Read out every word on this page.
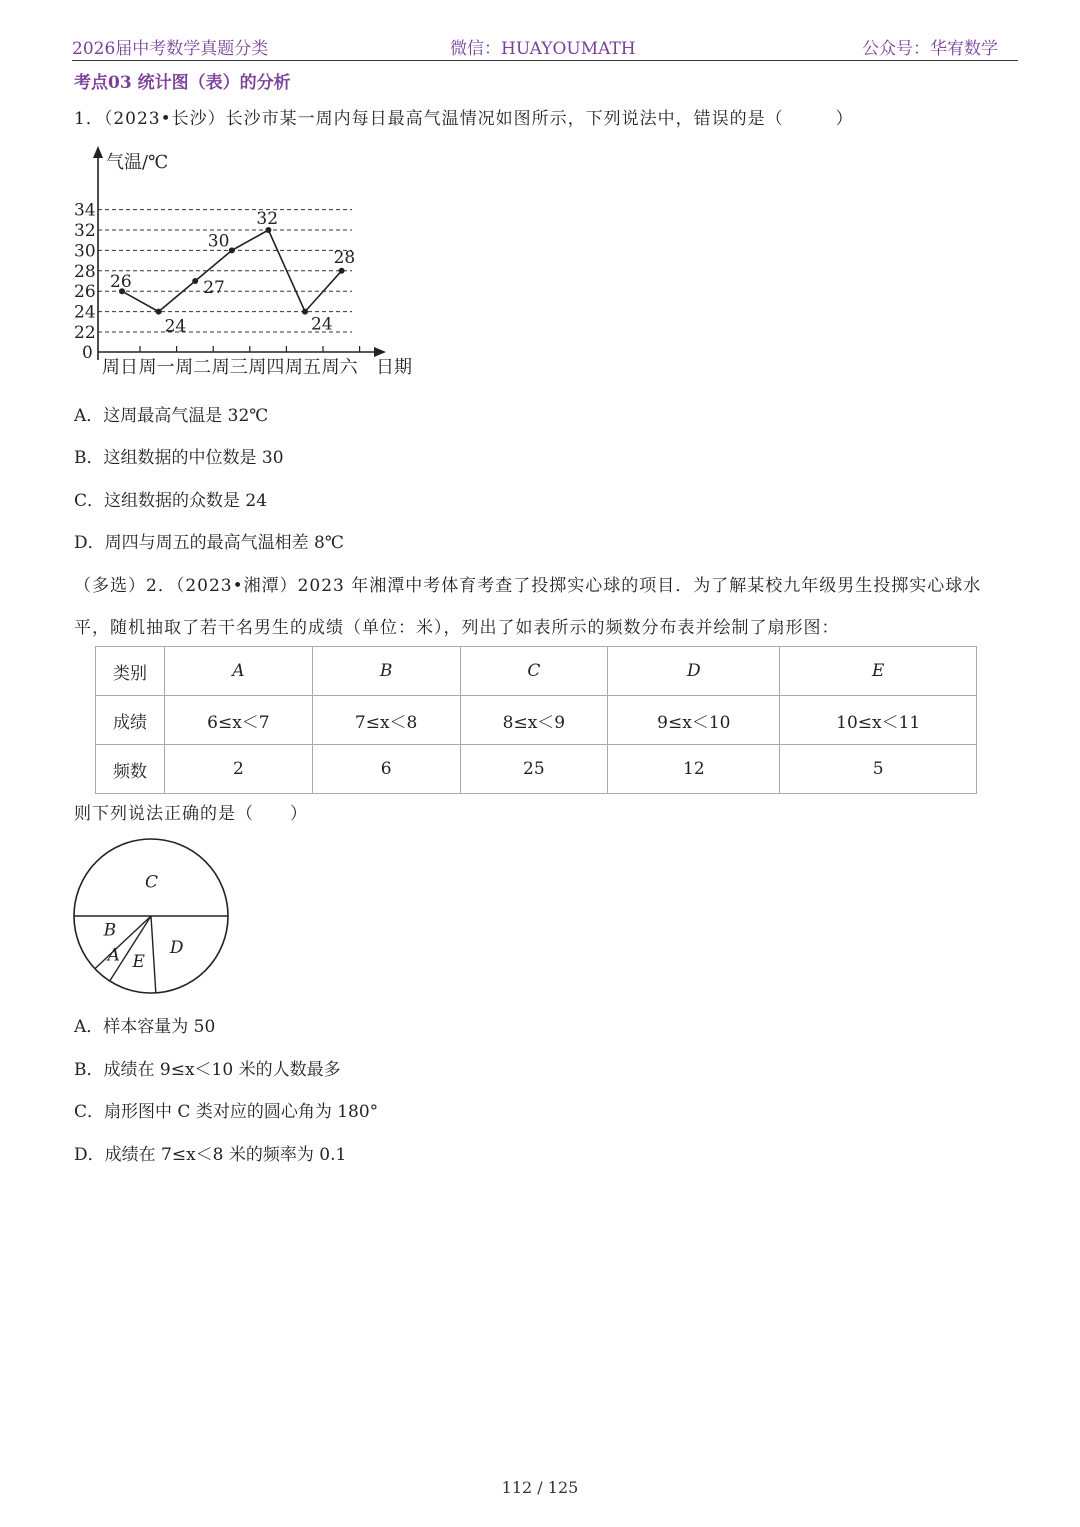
2026届中考数学真题分类	微信：HUAYOUMATH	公众号：华宥数学
考点03 统计图（表）的分析
1．（2023•长沙）长沙市某一周内每日最高气温情况如图所示，下列说法中，错误的是（	）
气温/℃
日期
0
22
24
26
28
30
32
34
周日 周一 周二 周三 周四 周五 周六
26
24
27
30
32
24
28
A．这周最高气温是 32℃
B．这组数据的中位数是 30
C．这组数据的众数是 24
D．周四与周五的最高气温相差 8℃
（多选）2．（2023•湘潭）2023 年湘潭中考体育考查了投掷实心球的项目．为了解某校九年级男生投掷实心球水
平，随机抽取了若干名男生的成绩（单位：米），列出了如表所示的频数分布表并绘制了扇形图：
类别	A	B	C	D	E
成绩	6≤x＜7	7≤x＜8	8≤x＜9	9≤x＜10	10≤x＜11
频数	2	6	25	12	5
则下列说法正确的是（ ）
C
D
E
A
B
A．样本容量为 50
B．成绩在 9≤x＜10 米的人数最多
C．扇形图中 C 类对应的圆心角为 180°
D．成绩在 7≤x＜8 米的频率为 0.1
112 / 125
